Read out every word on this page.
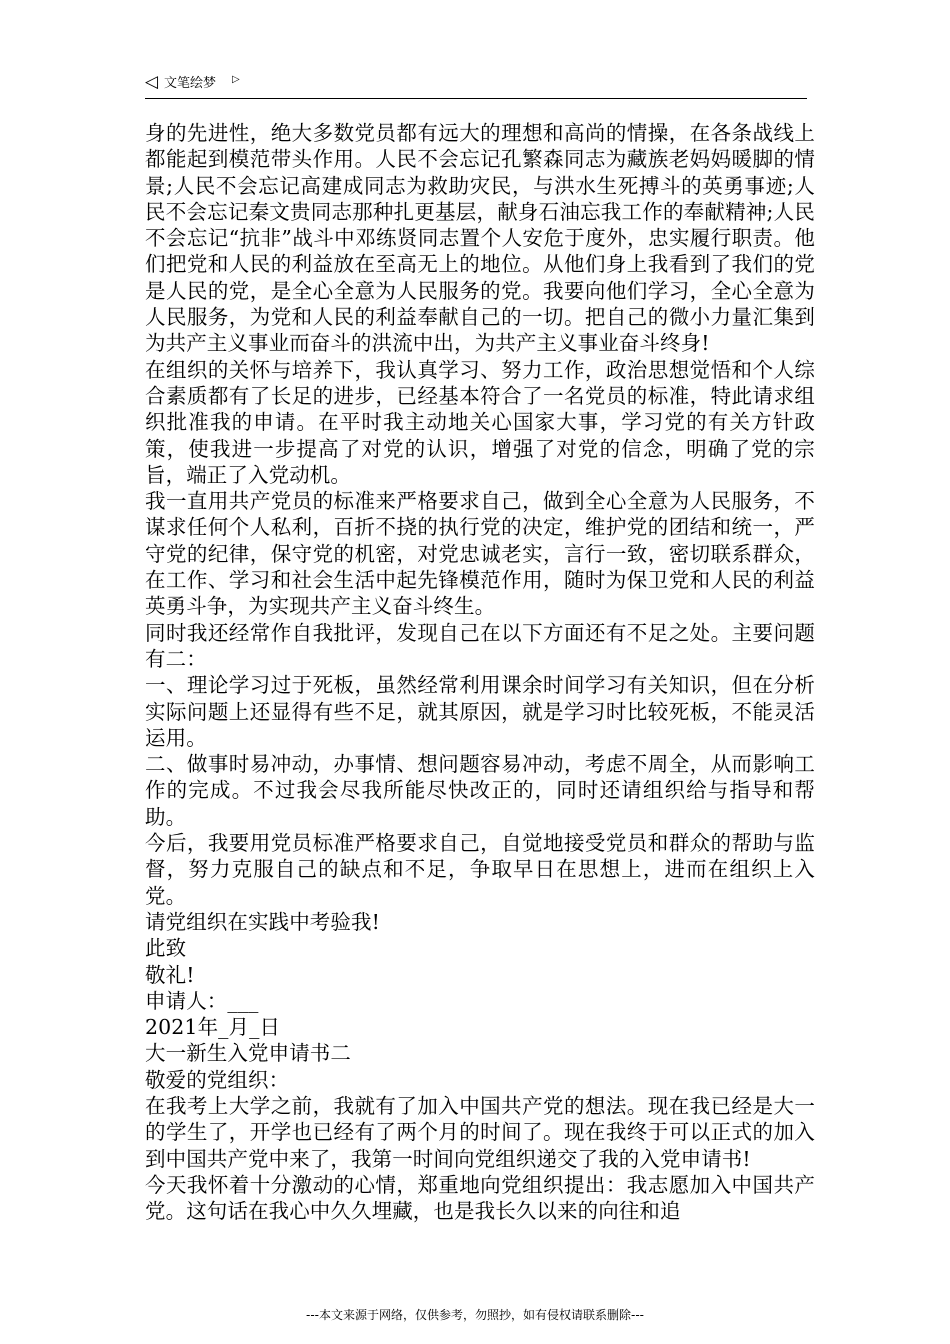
◁ 文笔绘梦 ▷

身的先进性，绝大多数党员都有远大的理想和高尚的情操，在各条战线上都能起到模范带头作用。人民不会忘记孔繁森同志为藏族老妈妈暖脚的情景;人民不会忘记高建成同志为救助灾民，与洪水生死搏斗的英勇事迹;人民不会忘记秦文贵同志那种扎更基层，献身石油忘我工作的奉献精神;人民不会忘记“抗非”战斗中邓练贤同志置个人安危于度外，忠实履行职责。他们把党和人民的利益放在至高无上的地位。从他们身上我看到了我们的党是人民的党，是全心全意为人民服务的党。我要向他们学习，全心全意为人民服务，为党和人民的利益奉献自己的一切。把自己的微小力量汇集到为共产主义事业而奋斗的洪流中出，为共产主义事业奋斗终身!

在组织的关怀与培养下，我认真学习、努力工作，政治思想觉悟和个人综合素质都有了长足的进步，已经基本符合了一名党员的标准，特此请求组织批准我的申请。在平时我主动地关心国家大事，学习党的有关方针政策，使我进一步提高了对党的认识，增强了对党的信念，明确了党的宗旨，端正了入党动机。

我一直用共产党员的标准来严格要求自己，做到全心全意为人民服务，不谋求任何个人私利，百折不挠的执行党的决定，维护党的团结和统一，严守党的纪律，保守党的机密，对党忠诚老实，言行一致，密切联系群众，在工作、学习和社会生活中起先锋模范作用，随时为保卫党和人民的利益英勇斗争，为实现共产主义奋斗终生。

同时我还经常作自我批评，发现自己在以下方面还有不足之处。主要问题有二：

一、理论学习过于死板，虽然经常利用课余时间学习有关知识，但在分析实际问题上还显得有些不足，就其原因，就是学习时比较死板，不能灵活运用。

二、做事时易冲动，办事情、想问题容易冲动，考虑不周全，从而影响工作的完成。不过我会尽我所能尽快改正的，同时还请组织给与指导和帮助。

今后，我要用党员标准严格要求自己，自觉地接受党员和群众的帮助与监督，努力克服自己的缺点和不足，争取早日在思想上，进而在组织上入党。

请党组织在实践中考验我!

此致

敬礼!

申请人：___

2021年_月_日

大一新生入党申请书二

敬爱的党组织：

在我考上大学之前，我就有了加入中国共产党的想法。现在我已经是大一的学生了，开学也已经有了两个月的时间了。现在我终于可以正式的加入到中国共产党中来了，我第一时间向党组织递交了我的入党申请书!

今天我怀着十分激动的心情，郑重地向党组织提出：我志愿加入中国共产党。这句话在我心中久久埋藏，也是我长久以来的向往和追

---本文来源于网络，仅供参考，勿照抄，如有侵权请联系删除---
